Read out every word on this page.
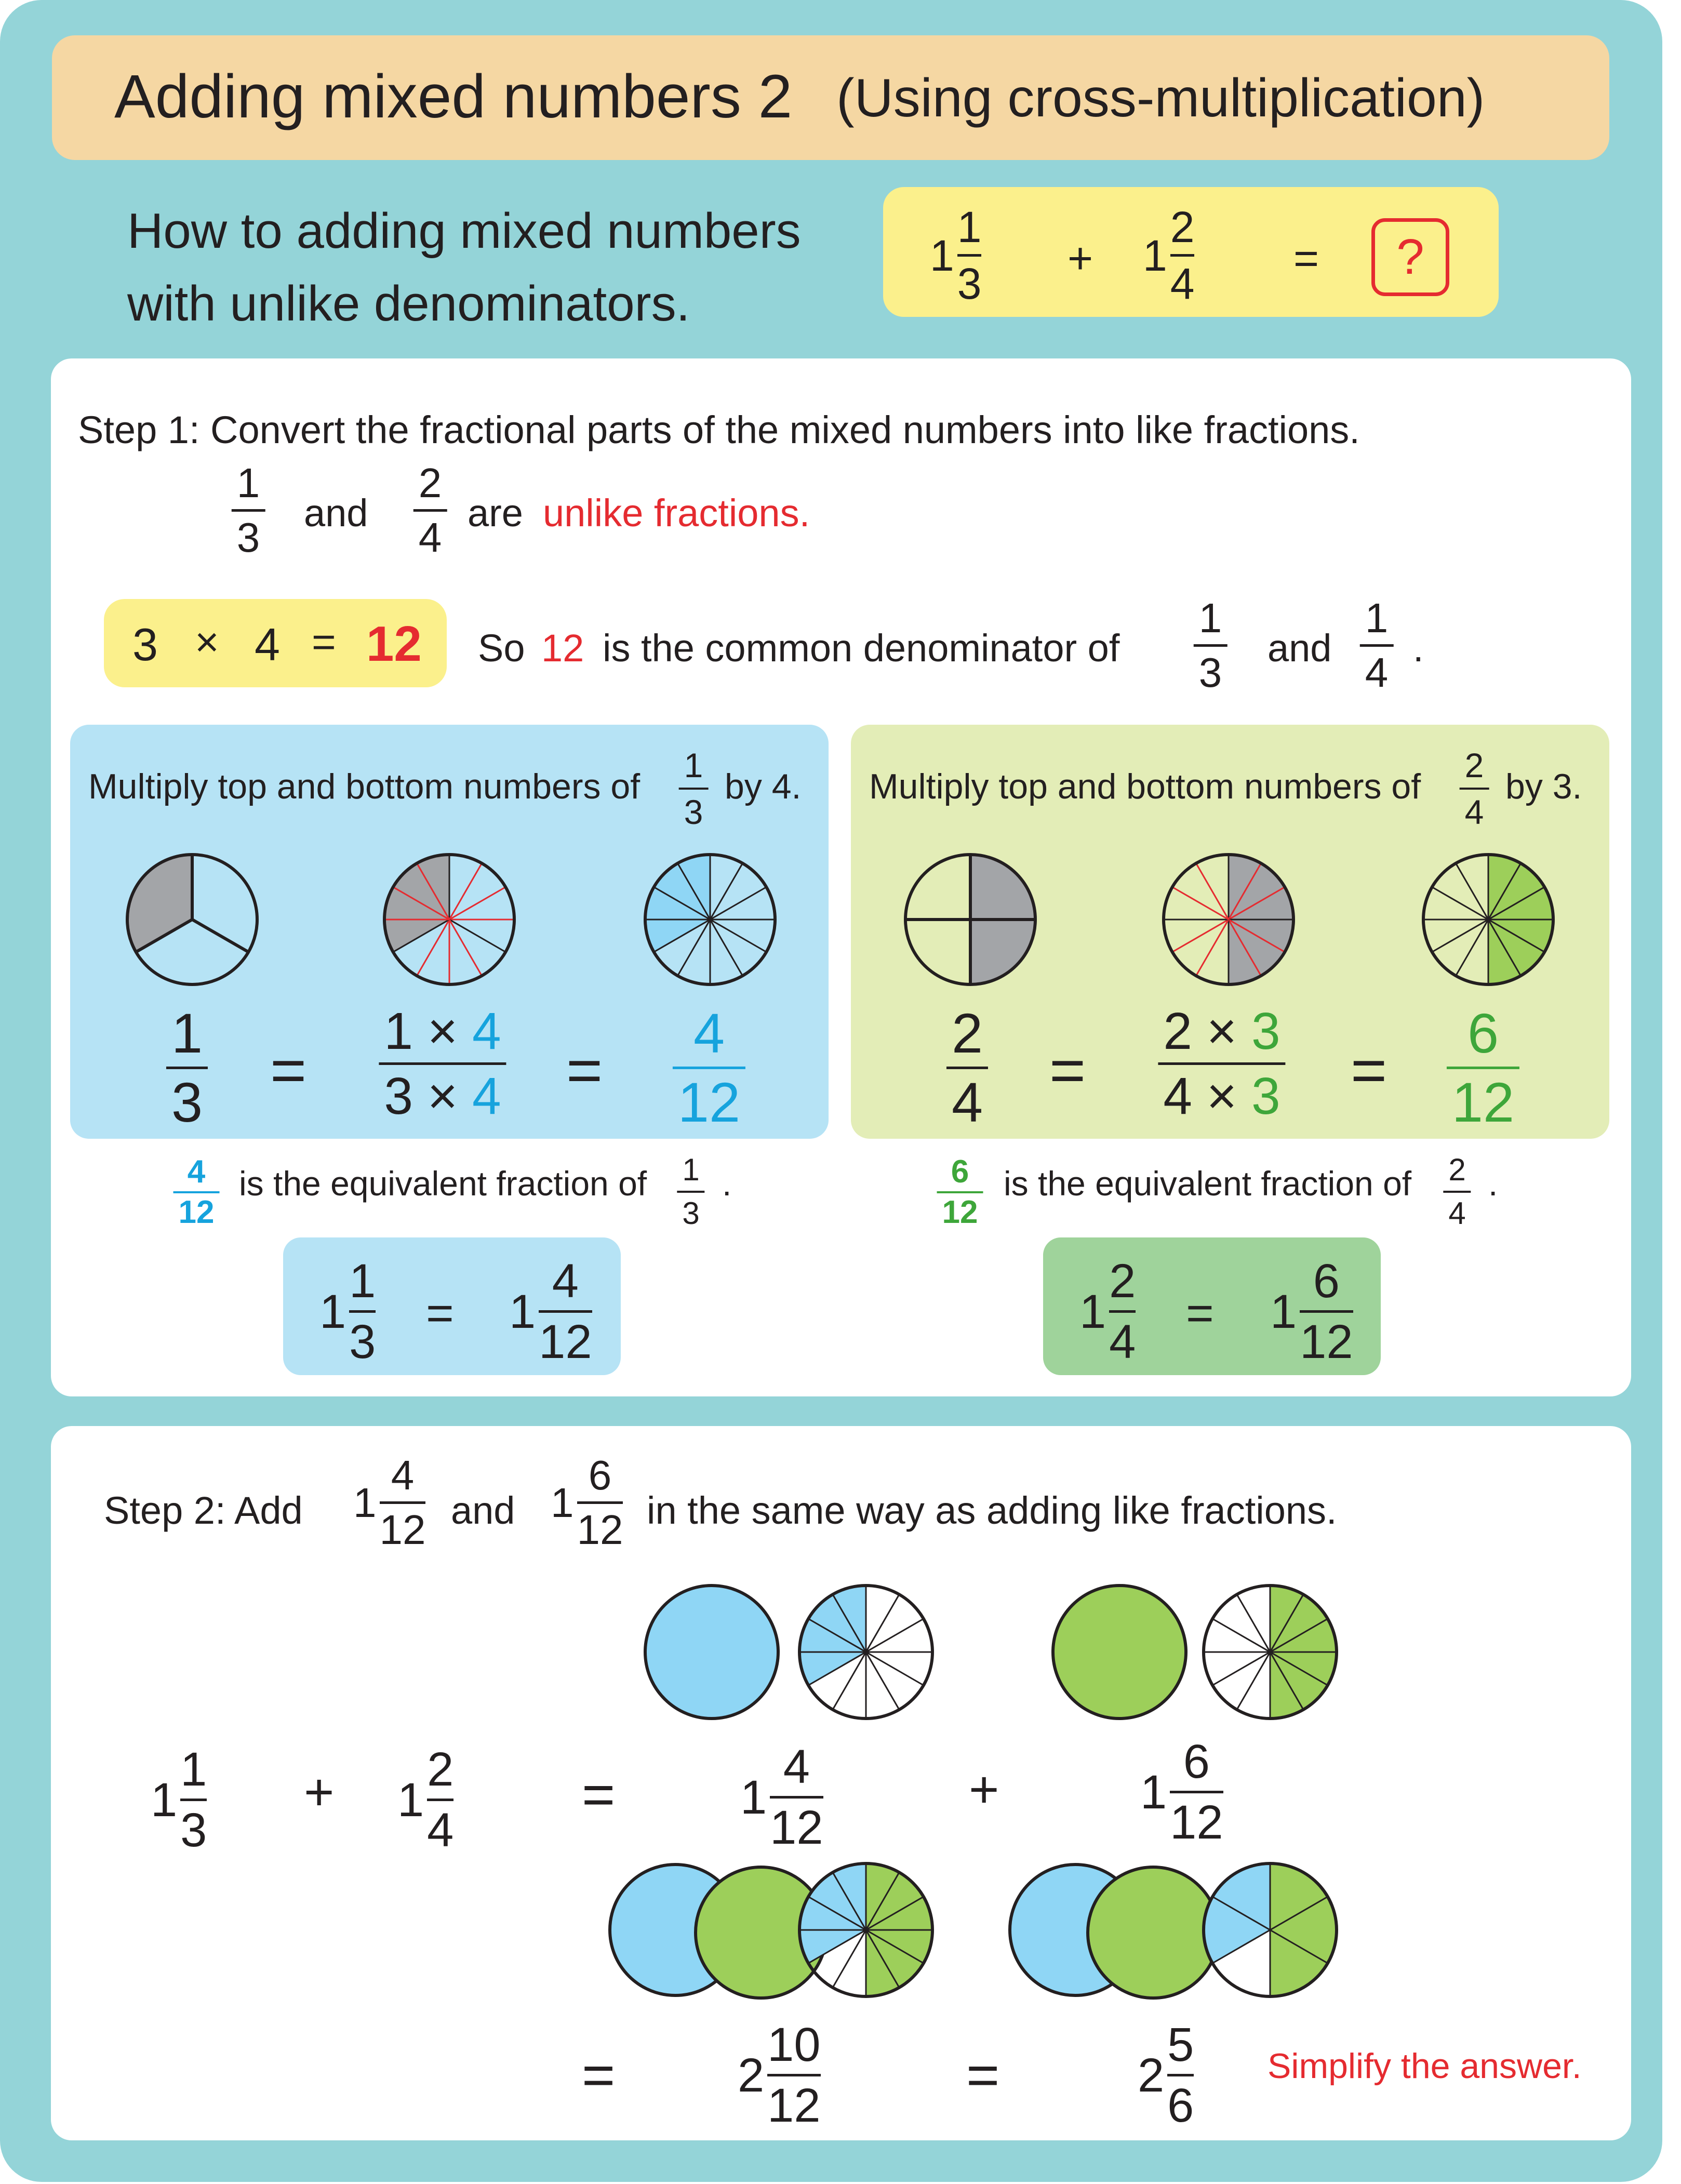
Adding mixed numbers 2 (Using cross-multiplication)
How to adding mixed numbers
with unlike denominators.
1
1
3
+ 1
2
4
=	?
Step 1: Convert the fractional parts of the mixed numbers into like fractions.
1
3
and
2
4
are unlike fractions.
3 × 4 = 12 So 12 is the common denominator of
1
3
and
1
4
.
Multiply top and bottom numbers of
1
3
by 4.
1
3 =
1 × 4
3 × 4 =
4
12
4
12
is the equivalent fraction of 1
3
.
1
1
3
= 1
4
12
Multiply top and bottom numbers of
2
4
by 3.
2
4 =
2 × 3
4 × 3 =
6
12
6
12
is the equivalent fraction of 2
4
.
1
2
4
= 1
6
12
Step 2: Add 1
4
12 and 1
6
12 in the same way as adding like fractions.
1
1
3
+ 1
2
4
=	1
4
12
+	1
6
12
=	2
10
12	=	2
5
6
Simplify the answer.
